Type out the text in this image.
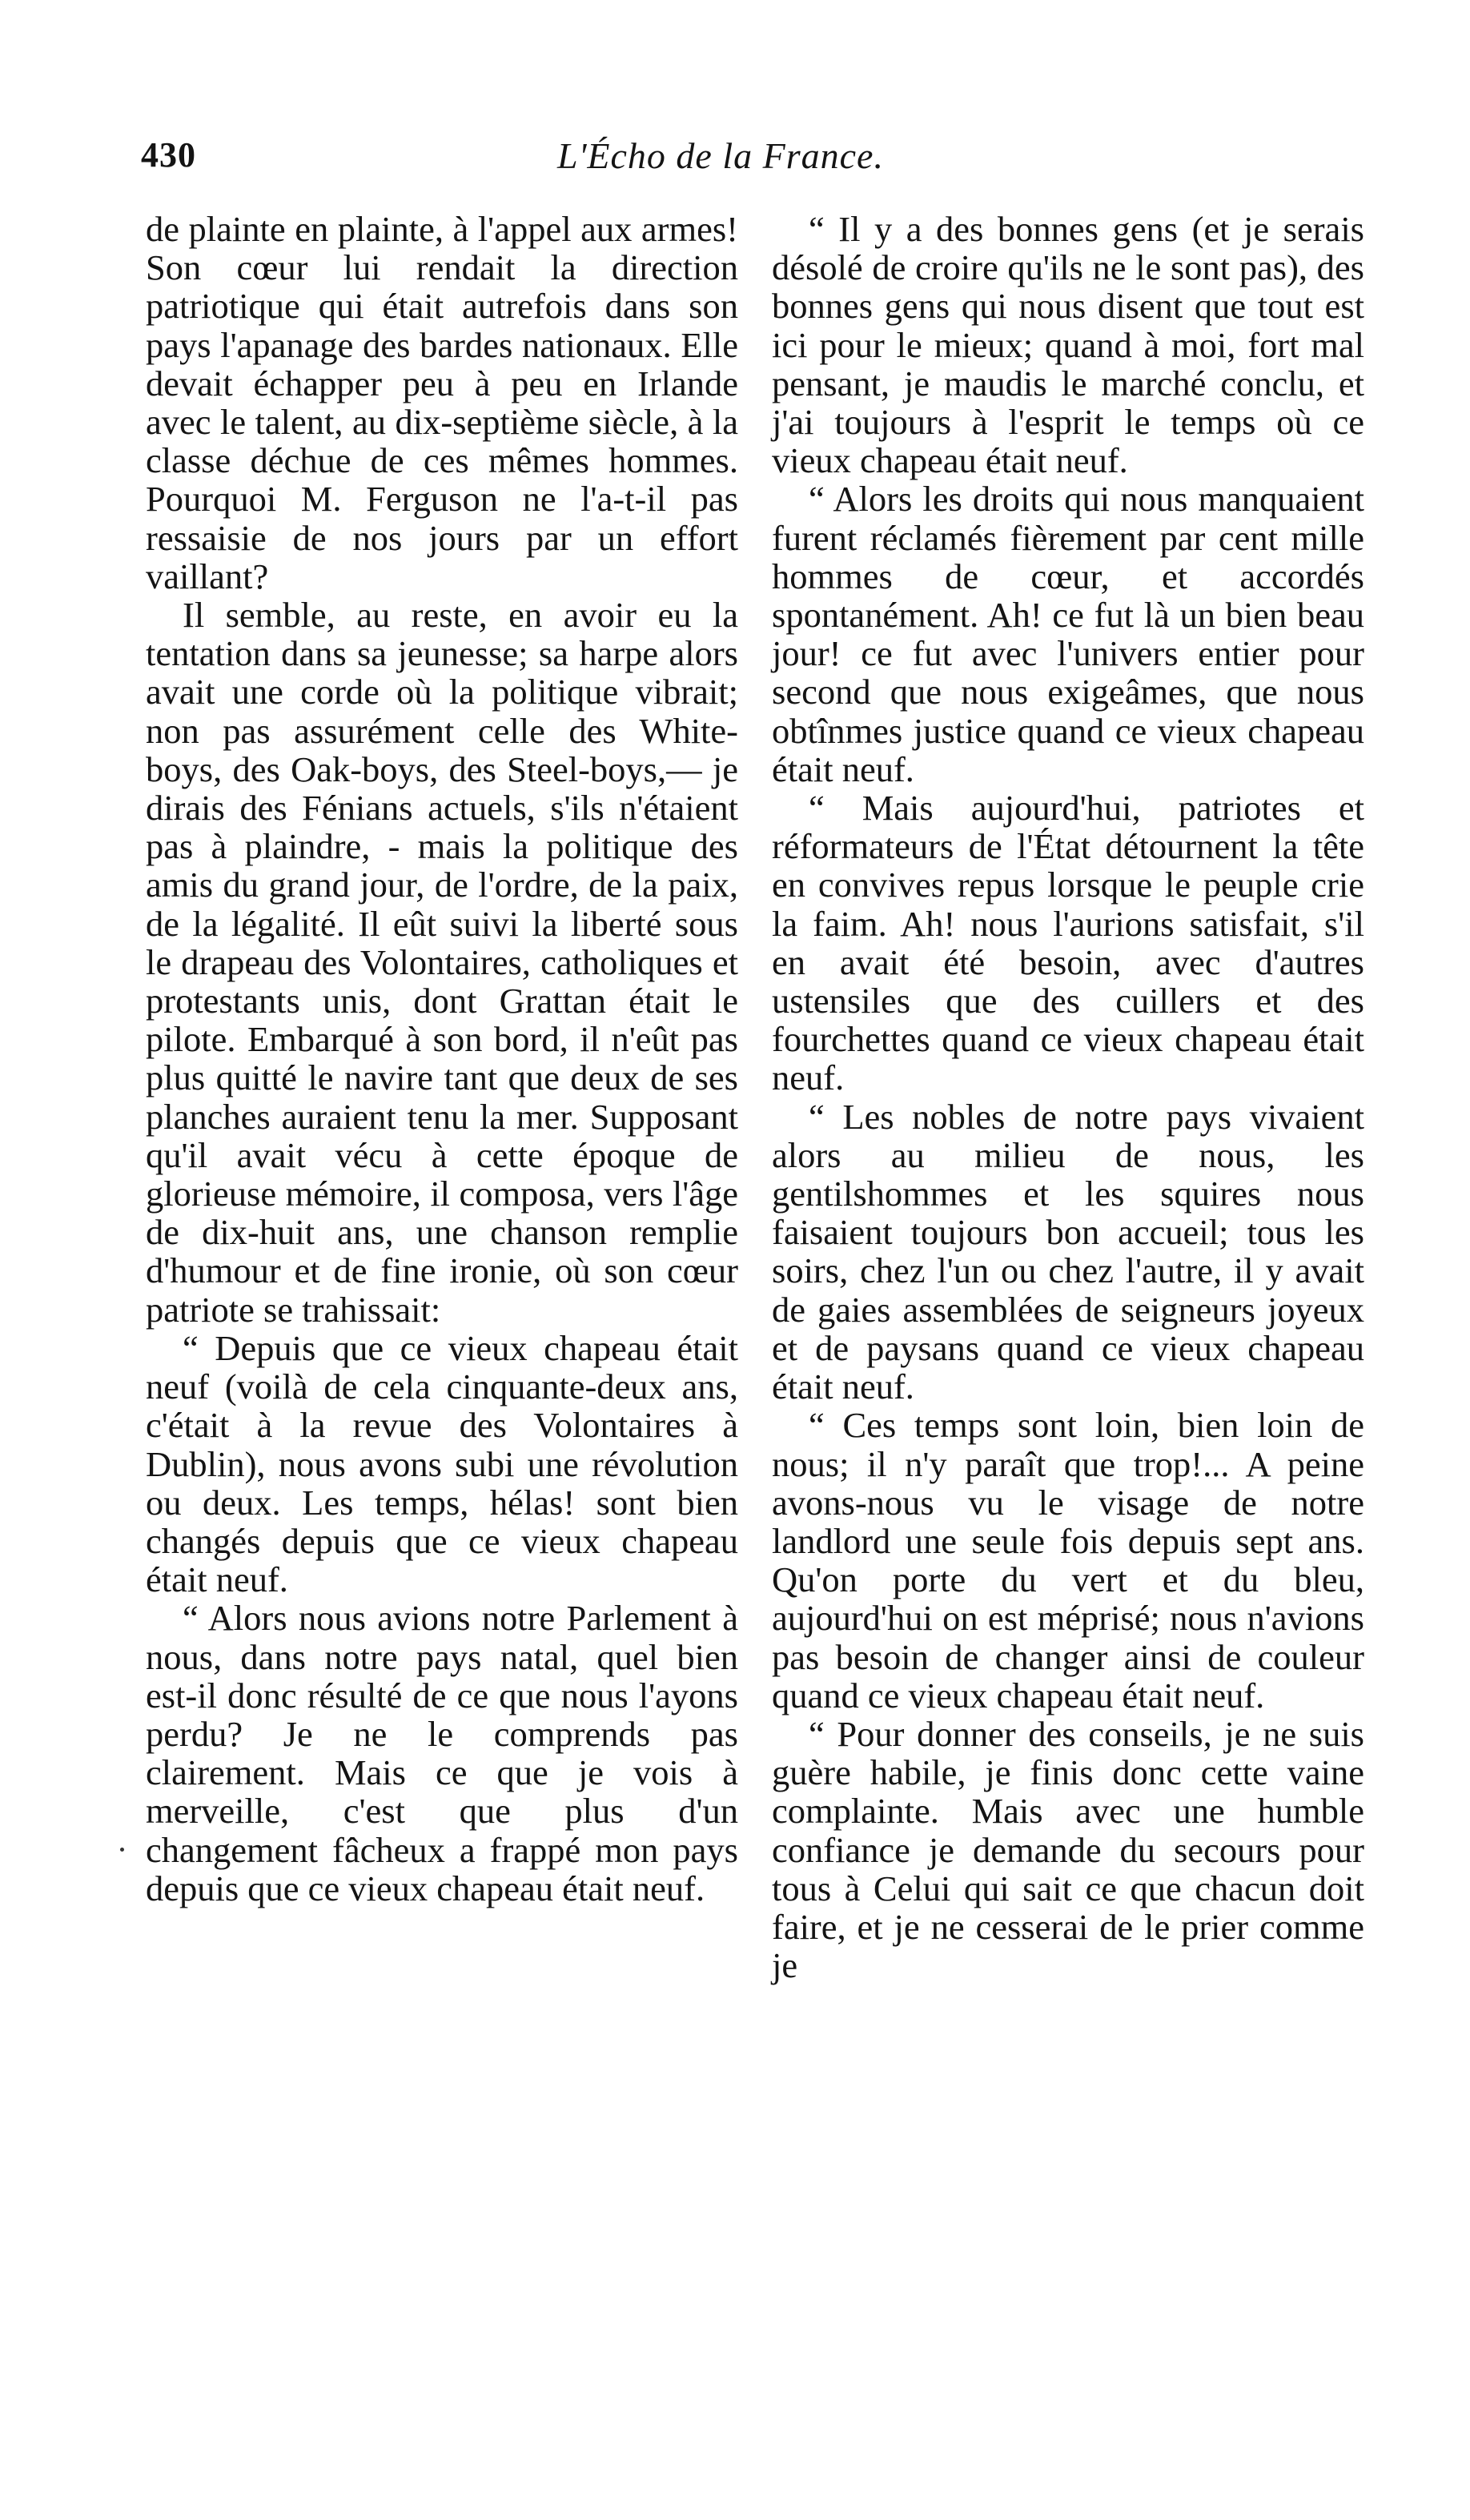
430	L'Écho de la France.

de plainte en plainte, à l'appel aux armes! Son cœur lui rendait la direction patriotique qui était autrefois dans son pays l'apanage des bardes nationaux. Elle devait échapper peu à peu en Irlande avec le talent, au dix-septième siècle, à la classe déchue de ces mêmes hommes. Pourquoi M. Ferguson ne l'a-t-il pas ressaisie de nos jours par un effort vaillant?

Il semble, au reste, en avoir eu la tentation dans sa jeunesse; sa harpe alors avait une corde où la politique vibrait; non pas assurément celle des White-boys, des Oak-boys, des Steel-boys,— je dirais des Fénians actuels, s'ils n'étaient pas à plaindre, - mais la politique des amis du grand jour, de l'ordre, de la paix, de la légalité. Il eût suivi la liberté sous le drapeau des Volontaires, catholiques et protestants unis, dont Grattan était le pilote. Embarqué à son bord, il n'eût pas plus quitté le navire tant que deux de ses planches auraient tenu la mer. Supposant qu'il avait vécu à cette époque de glorieuse mémoire, il composa, vers l'âge de dix-huit ans, une chanson remplie d'humour et de fine ironie, où son cœur patriote se trahissait:

“ Depuis que ce vieux chapeau était neuf (voilà de cela cinquante-deux ans, c'était à la revue des Volontaires à Dublin), nous avons subi une révolution ou deux. Les temps, hélas! sont bien changés depuis que ce vieux chapeau était neuf.

“ Alors nous avions notre Parlement à nous, dans notre pays natal, quel bien est-il donc résulté de ce que nous l'ayons perdu? Je ne le comprends pas clairement. Mais ce que je vois à merveille, c'est que plus d'un changement fâcheux a frappé mon pays depuis que ce vieux chapeau était neuf.

“ Il y a des bonnes gens (et je serais désolé de croire qu'ils ne le sont pas), des bonnes gens qui nous disent que tout est ici pour le mieux; quand à moi, fort mal pensant, je maudis le marché conclu, et j'ai toujours à l'esprit le temps où ce vieux chapeau était neuf.

“ Alors les droits qui nous manquaient furent réclamés fièrement par cent mille hommes de cœur, et accordés spontanément. Ah! ce fut là un bien beau jour! ce fut avec l'univers entier pour second que nous exigeâmes, que nous obtînmes justice quand ce vieux chapeau était neuf.

“ Mais aujourd'hui, patriotes et réformateurs de l'État détournent la tête en convives repus lorsque le peuple crie la faim. Ah! nous l'aurions satisfait, s'il en avait été besoin, avec d'autres ustensiles que des cuillers et des fourchettes quand ce vieux chapeau était neuf.

“ Les nobles de notre pays vivaient alors au milieu de nous, les gentilshommes et les squires nous faisaient toujours bon accueil; tous les soirs, chez l'un ou chez l'autre, il y avait de gaies assemblées de seigneurs joyeux et de paysans quand ce vieux chapeau était neuf.

“ Ces temps sont loin, bien loin de nous; il n'y paraît que trop!... A peine avons-nous vu le visage de notre landlord une seule fois depuis sept ans. Qu'on porte du vert et du bleu, aujourd'hui on est méprisé; nous n'avions pas besoin de changer ainsi de couleur quand ce vieux chapeau était neuf.

“ Pour donner des conseils, je ne suis guère habile, je finis donc cette vaine complainte. Mais avec une humble confiance je demande du secours pour tous à Celui qui sait ce que chacun doit faire, et je ne cesserai de le prier comme je
